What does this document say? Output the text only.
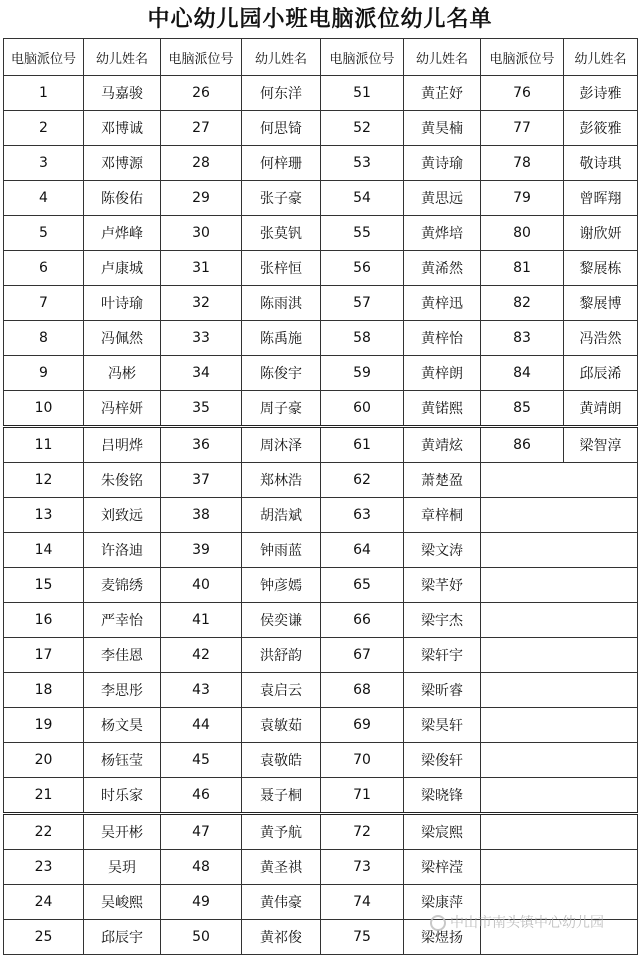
中心幼儿园小班电脑派位幼儿名单
电脑派位号	幼儿姓名	电脑派位号	幼儿姓名	电脑派位号	幼儿姓名	电脑派位号	幼儿姓名
1	马嘉骏	26	何东洋	51	黄芷妤	76	彭诗雅
2	邓博诚	27	何思锜	52	黄昊楠	77	彭筱雅
3	邓博源	28	何梓珊	53	黄诗瑜	78	敬诗琪
4	陈俊佑	29	张子豪	54	黄思远	79	曾晖翔
5	卢烨峰	30	张莫钒	55	黄烨培	80	谢欣妍
6	卢康城	31	张梓恒	56	黄浠然	81	黎展栋
7	叶诗瑜	32	陈雨淇	57	黄梓迅	82	黎展博
8	冯佩然	33	陈禹施	58	黄梓怡	83	冯浩然
9	冯彬	34	陈俊宇	59	黄梓朗	84	邱辰浠
10	冯梓妍	35	周子豪	60	黄锘熙	85	黄靖朗
11	吕明烨	36	周沐泽	61	黄靖炫	86	梁智淳
12	朱俊铭	37	郑林浩	62	萧楚盈		
13	刘致远	38	胡浩斌	63	章梓桐		
14	许洛迪	39	钟雨蓝	64	梁文涛		
15	麦锦绣	40	钟彦嫣	65	梁芊妤		
16	严幸怡	41	侯奕谦	66	梁宇杰		
17	李佳恩	42	洪舒韵	67	梁轩宇		
18	李思彤	43	袁启云	68	梁昕睿		
19	杨文昊	44	袁敏茹	69	梁昊轩		
20	杨钰莹	45	袁敬皓	70	梁俊轩		
21	时乐家	46	聂子桐	71	梁晓锋		
22	吴开彬	47	黄予航	72	梁宸熙		
23	吴玥	48	黄圣祺	73	梁梓滢		
24	吴峻熙	49	黄伟豪	74	梁康萍		
25	邱辰宇	50	黄祁俊	75	梁煜扬		
中山市南头镇中心幼儿园
